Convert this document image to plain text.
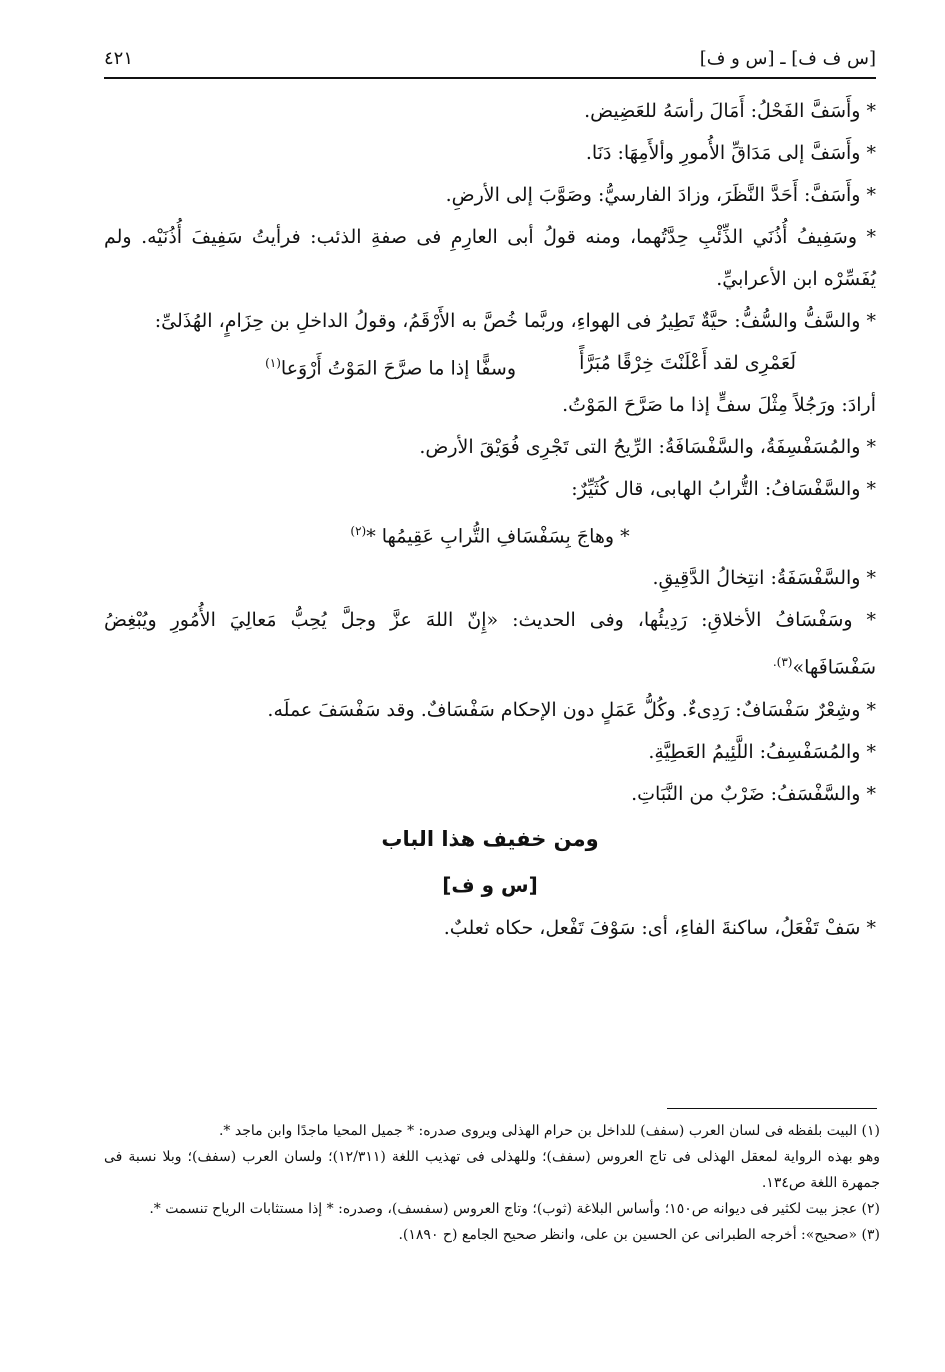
[س ف ف] ـ [س و ف]
٤٢١
* وأَسَفَّ الفَحْلُ: أَمَالَ رأسَهُ للعَضِيض.
* وأَسَفَّ إلى مَدَاقِّ الأُمورِ وألأَمِهَا: دَنَا.
* وأَسَفَّ: أَحَدَّ النَّظَرَ، وزادَ الفارسيُّ: وصَوَّبَ إلى الأرضِ.
* وسَفِيفُ أُذُنَي الذِّئْبِ حِدَّتُهما، ومنه قولُ أبى العارِمِ فى صفةِ الذئب: فرأيتُ سَفِيفَ أُذُنَيْه. ولم يُفَسِّرْه ابن الأعرابيِّ.
* والسَّفُّ والسُّفُّ: حيَّةٌ تَطِيرُ فى الهواءِ، وربَّما خُصَّ به الأَرْقَمُ، وقولُ الداخلِ بن حِزَامٍ، الهُذَلىِّ:
لَعَمْرِى لقد أَعْلَنْتَ خِرْقًا مُبَرَّأً
وسفًّا إذا ما صرَّحَ المَوْتُ أَرْوَعا$^{(١)}$
أرادَ: ورَجُلاً مِثْلَ سفٍّ إذا ما صَرَّحَ المَوْتُ.
* والمُسَفْسِفَةُ، والسَّفْسَافَةُ: الرِّيحُ التى تَجْرِى فُوَيْقَ الأرض.
* والسَّفْسَافُ: التُّرابُ الهابى، قال كُثَيِّرٌ:
* وهاجَ بِسَفْسَافِ التُّرابِ عَقِيمُها *$^{(٢)}$
* والسَّفْسَفَةُ: انتِخالُ الدَّقِيقِ.
* وسَفْسَافُ الأخلاقِ: رَدِيئُها، وفى الحديث: «إِنّ اللهَ عزَّ وجلَّ يُحِبُّ مَعالِيَ الأُمُورِ ويُبْغِضُ سَفْسَافَها»$^{(٣).}$
* وشِعْرٌ سَفْسَافٌ: رَدِىءٌ. وكُلُّ عَمَلٍ دون الإحكام سَفْسَافٌ. وقد سَفْسَفَ عملَه.
* والمُسَفْسِفُ: اللَّئِيمُ العَطِيَّةِ.
* والسَّفْسَفُ: ضَرْبٌ من النَّبَاتِ.
ومن خفيف هذا الباب
[س و ف]
* سَفْ تَفْعَلُ، ساكنةَ الفاءِ، أى: سَوْفَ تَفْعل، حكاه ثعلبٌ.
(١) البيت بلفظه فى لسان العرب (سفف) للداخل بن حرام الهذلى ويروى صدره: * جميل المحيا ماجدًا وابن ماجد *.
وهو بهذه الرواية لمعقل الهذلى فى تاج العروس (سفف)؛ وللهذلى فى تهذيب اللغة (١٢/٣١١)؛ ولسان العرب (سفف)؛ وبلا نسبة فى جمهرة اللغة ص١٣٤.
(٢) عجز بيت لكثير فى ديوانه ص١٥٠؛ وأساس البلاغة (ثوب)؛ وتاج العروس (سفسف)، وصدره: * إذا مستثابات الرياح تنسمت *.
(٣) «صحيح»: أخرجه الطبرانى عن الحسين بن على، وانظر صحيح الجامع (ح ١٨٩٠).
